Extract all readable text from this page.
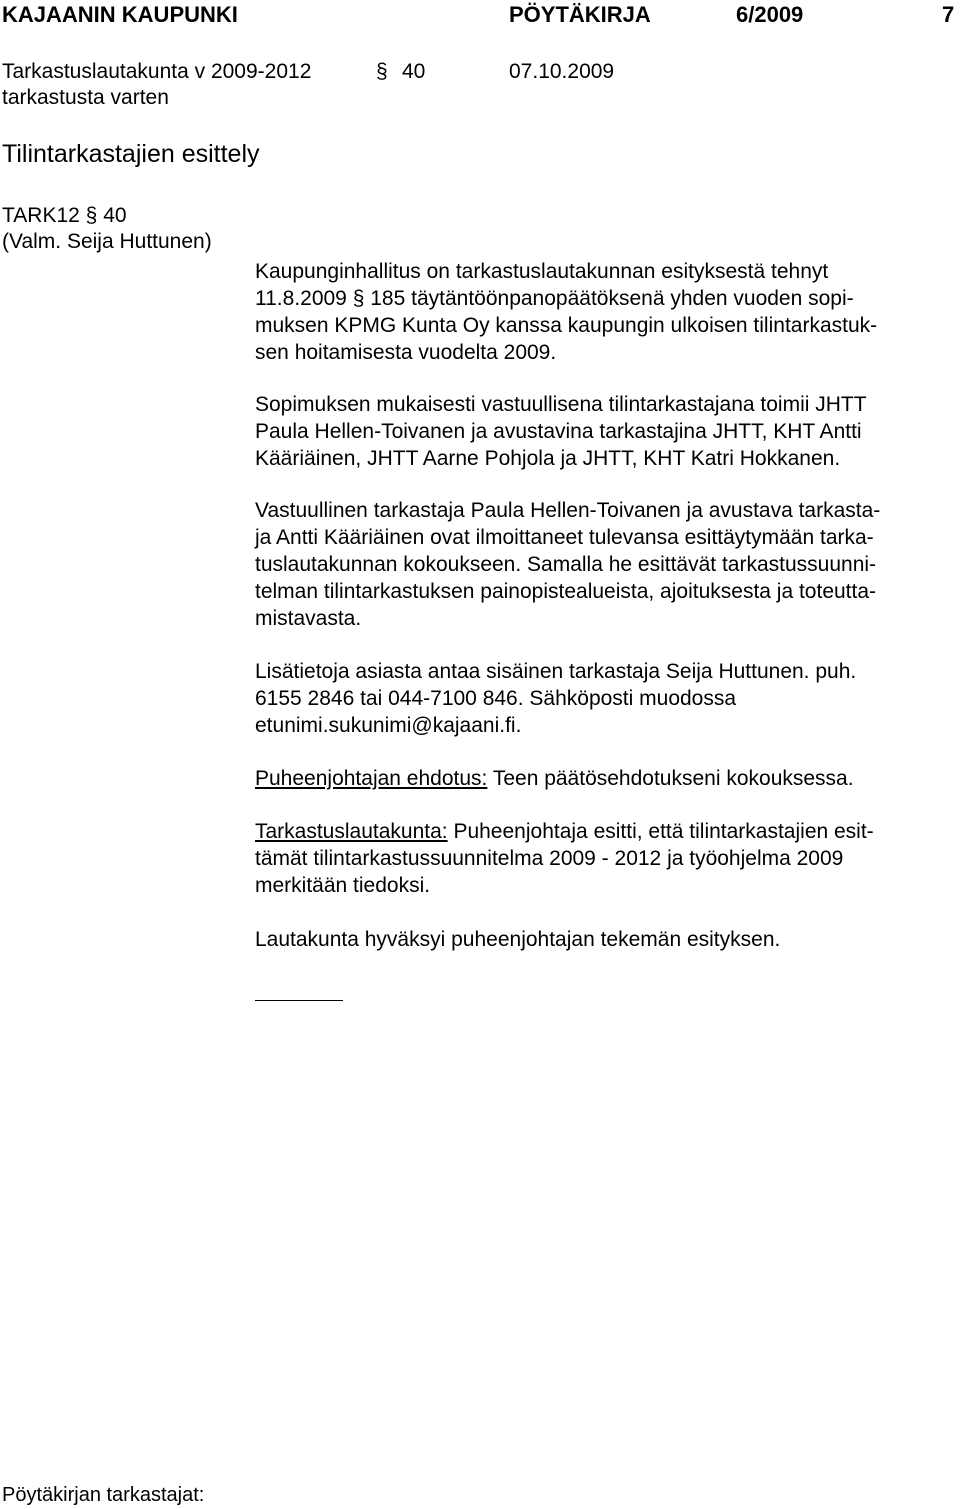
KAJAANIN KAUPUNKI	PÖYTÄKIRJA	6/2009	7
Tarkastuslautakunta v 2009-2012	§ 40	07.10.2009
tarkastusta varten
Tilintarkastajien esittely
TARK12 § 40
(Valm. Seija Huttunen)
Kaupunginhallitus on tarkastuslautakunnan esityksestä tehnyt
11.8.2009 § 185 täytäntöönpanopäätöksenä yhden vuoden sopi-
muksen KPMG Kunta Oy kanssa kaupungin ulkoisen tilintarkastuk-
sen hoitamisesta vuodelta 2009.
Sopimuksen mukaisesti vastuullisena tilintarkastajana toimii JHTT
Paula Hellen-Toivanen ja avustavina tarkastajina JHTT, KHT Antti
Kääriäinen, JHTT Aarne Pohjola ja JHTT, KHT Katri Hokkanen.
Vastuullinen tarkastaja Paula Hellen-Toivanen ja avustava tarkasta-
ja Antti Kääriäinen ovat ilmoittaneet tulevansa esittäytymään tarka-
tuslautakunnan kokoukseen. Samalla he esittävät tarkastussuunni-
telman tilintarkastuksen painopistealueista, ajoituksesta ja toteutta-
mistavasta.
Lisätietoja asiasta antaa sisäinen tarkastaja Seija Huttunen. puh.
6155 2846 tai 044-7100 846. Sähköposti muodossa
etunimi.sukunimi@kajaani.fi.
Puheenjohtajan ehdotus: Teen päätösehdotukseni kokouksessa.
Tarkastuslautakunta: Puheenjohtaja esitti, että tilintarkastajien esit-
tämät tilintarkastussuunnitelma 2009 - 2012 ja työohjelma 2009
merkitään tiedoksi.
Lautakunta hyväksyi puheenjohtajan tekemän esityksen.
Pöytäkirjan tarkastajat:
